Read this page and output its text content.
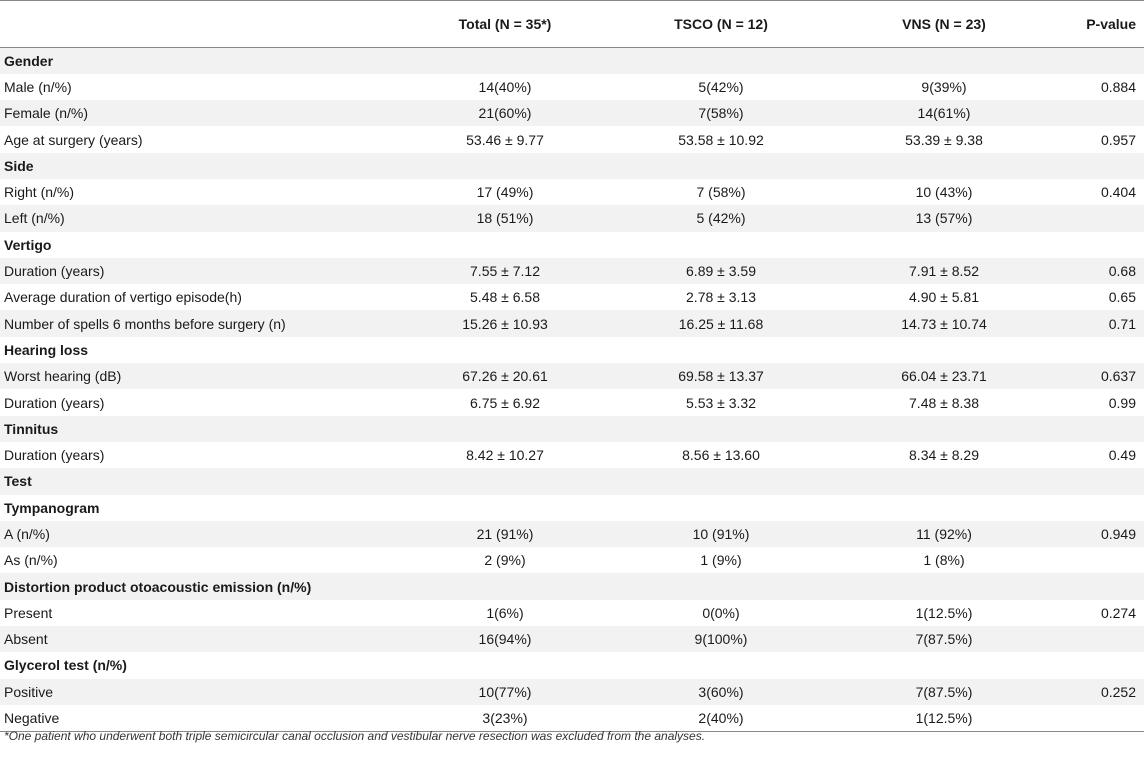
	Total (N = 35*)	TSCO (N = 12)	VNS (N = 23)	P-value
Gender				
Male (n/%)	14(40%)	5(42%)	9(39%)	0.884
Female (n/%)	21(60%)	7(58%)	14(61%)	
Age at surgery (years)	53.46 ± 9.77	53.58 ± 10.92	53.39 ± 9.38	0.957
Side				
Right (n/%)	17 (49%)	7 (58%)	10 (43%)	0.404
Left (n/%)	18 (51%)	5 (42%)	13 (57%)	
Vertigo				
Duration (years)	7.55 ± 7.12	6.89 ± 3.59	7.91 ± 8.52	0.68
Average duration of vertigo episode(h)	5.48 ± 6.58	2.78 ± 3.13	4.90 ± 5.81	0.65
Number of spells 6 months before surgery (n)	15.26 ± 10.93	16.25 ± 11.68	14.73 ± 10.74	0.71
Hearing loss				
Worst hearing (dB)	67.26 ± 20.61	69.58 ± 13.37	66.04 ± 23.71	0.637
Duration (years)	6.75 ± 6.92	5.53 ± 3.32	7.48 ± 8.38	0.99
Tinnitus				
Duration (years)	8.42 ± 10.27	8.56 ± 13.60	8.34 ± 8.29	0.49
Test				
Tympanogram				
A (n/%)	21 (91%)	10 (91%)	11 (92%)	0.949
As (n/%)	2 (9%)	1 (9%)	1 (8%)	
Distortion product otoacoustic emission (n/%)				
Present	1(6%)	0(0%)	1(12.5%)	0.274
Absent	16(94%)	9(100%)	7(87.5%)	
Glycerol test (n/%)				
Positive	10(77%)	3(60%)	7(87.5%)	0.252
Negative	3(23%)	2(40%)	1(12.5%)	
*One patient who underwent both triple semicircular canal occlusion and vestibular nerve resection was excluded from the analyses.
